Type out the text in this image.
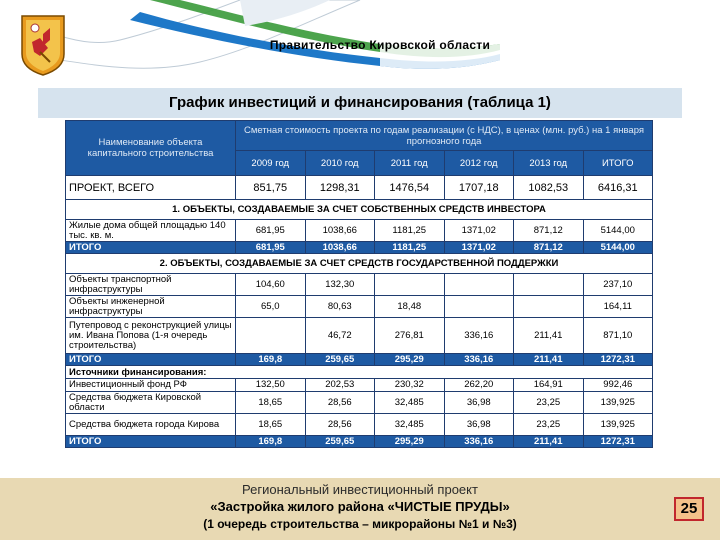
Правительство Кировской области
График инвестиций и финансирования (таблица 1)
Наименование объекта капитального строительства	Сметная стоимость проекта по годам реализации (с НДС), в ценах (млн. руб.) на 1 января прогнозного года					
	2009 год	2010 год	2011 год	2012 год	2013 год	ИТОГО
ПРОЕКТ, ВСЕГО	851,75	1298,31	1476,54	1707,18	1082,53	6416,31
1. ОБЪЕКТЫ, СОЗДАВАЕМЫЕ ЗА СЧЕТ СОБСТВЕННЫХ СРЕДСТВ ИНВЕСТОРА						
Жилые дома общей площадью 140 тыс. кв. м.	681,95	1038,66	1181,25	1371,02	871,12	5144,00
ИТОГО	681,95	1038,66	1181,25	1371,02	871,12	5144,00
2. ОБЪЕКТЫ, СОЗДАВАЕМЫЕ ЗА СЧЕТ СРЕДСТВ ГОСУДАРСТВЕННОЙ ПОДДЕРЖКИ						
Объекты транспортной инфраструктуры	104,60	132,30				237,10
Объекты инженерной инфраструктуры	65,0	80,63	18,48			164,11
Путепровод с реконструкцией улицы им. Ивана Попова (1-я очередь строительства)		46,72	276,81	336,16	211,41	871,10
ИТОГО	169,8	259,65	295,29	336,16	211,41	1272,31
Источники финансирования:						
Инвестиционный фонд РФ	132,50	202,53	230,32	262,20	164,91	992,46
Средства бюджета Кировской области	18,65	28,56	32,485	36,98	23,25	139,925
Средства бюджета города Кирова	18,65	28,56	32,485	36,98	23,25	139,925
ИТОГО	169,8	259,65	295,29	336,16	211,41	1272,31
Региональный инвестиционный проект
«Застройка жилого района «ЧИСТЫЕ ПРУДЫ»
(1 очередь строительства – микрорайоны №1 и №3)
25
